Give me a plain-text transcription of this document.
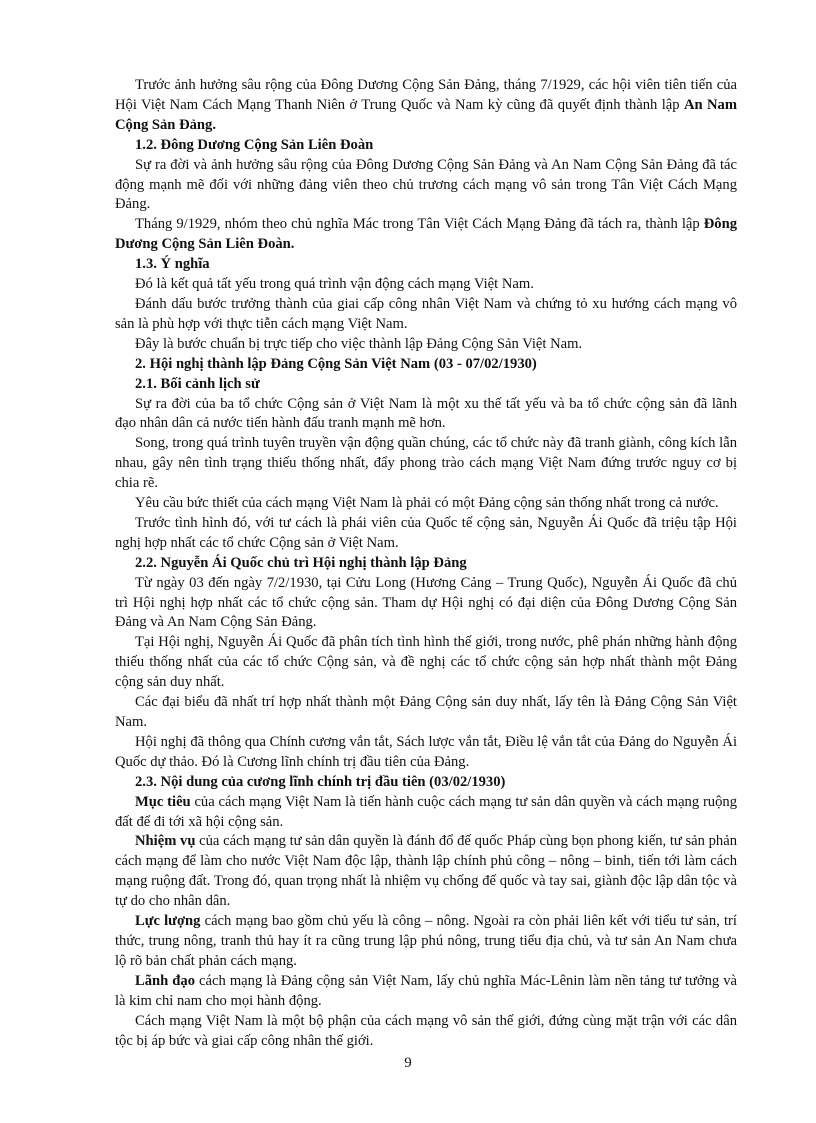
Trước ảnh hưởng sâu rộng của Đông Dương Cộng Sản Đảng, tháng 7/1929, các hội viên tiên tiến của Hội Việt Nam Cách Mạng Thanh Niên ở Trung Quốc và Nam kỳ cũng đã quyết định thành lập An Nam Cộng Sản Đảng.

1.2. Đông Dương Cộng Sản Liên Đoàn

Sự ra đời và ảnh hưởng sâu rộng của Đông Dương Cộng Sản Đảng và An Nam Cộng Sản Đảng đã tác động mạnh mẽ đối với những đảng viên theo chủ trương cách mạng vô sản trong Tân Việt Cách Mạng Đảng.

Tháng 9/1929, nhóm theo chủ nghĩa Mác trong Tân Việt Cách Mạng Đảng đã tách ra, thành lập Đông Dương Cộng Sản Liên Đoàn.

1.3. Ý nghĩa

Đó là kết quả tất yếu trong quá trình vận động cách mạng Việt Nam.

Đánh dấu bước trưởng thành của giai cấp công nhân Việt Nam và chứng tỏ xu hướng cách mạng vô sản là phù hợp với thực tiễn cách mạng Việt Nam.

Đây là bước chuẩn bị trực tiếp cho việc thành lập Đảng Cộng Sản Việt Nam.

2. Hội nghị thành lập Đảng Cộng Sản Việt Nam (03 - 07/02/1930)

2.1. Bối cảnh lịch sử

Sự ra đời của ba tổ chức Cộng sản ở Việt Nam là một xu thế tất yếu và ba tổ chức cộng sản đã lãnh đạo nhân dân cả nước tiến hành đấu tranh mạnh mẽ hơn.

Song, trong quá trình tuyên truyền vận động quần chúng, các tổ chức này đã tranh giành, công kích lẫn nhau, gây nên tình trạng thiếu thống nhất, đẩy phong trào cách mạng Việt Nam đứng trước nguy cơ bị chia rẽ.

Yêu cầu bức thiết của cách mạng Việt Nam là phải có một Đảng cộng sản thống nhất trong cả nước.

Trước tình hình đó, với tư cách là phái viên của Quốc tế cộng sản, Nguyễn Ái Quốc đã triệu tập Hội nghị hợp nhất các tổ chức Cộng sản ở Việt Nam.

2.2. Nguyễn Ái Quốc chủ trì Hội nghị thành lập Đảng

Từ ngày 03 đến ngày 7/2/1930, tại Cửu Long (Hương Cảng – Trung Quốc), Nguyễn Ái Quốc đã chủ trì Hội nghị hợp nhất các tổ chức cộng sản. Tham dự Hội nghị có đại diện của Đông Dương Cộng Sản Đảng và An Nam Cộng Sản Đảng.

Tại Hội nghị, Nguyễn Ái Quốc đã phân tích tình hình thế giới, trong nước, phê phán những hành động thiếu thống nhất của các tổ chức Cộng sản, và đề nghị các tổ chức cộng sản hợp nhất thành một Đảng cộng sản duy nhất.

Các đại biểu đã nhất trí hợp nhất thành một Đảng Cộng sản duy nhất, lấy tên là Đảng Cộng Sản Việt Nam.

Hội nghị đã thông qua Chính cương vắn tắt, Sách lược vắn tắt, Điều lệ vắn tắt của Đảng do Nguyễn Ái Quốc dự thảo. Đó là Cương lĩnh chính trị đầu tiên của Đảng.

2.3. Nội dung của cương lĩnh chính trị đầu tiên (03/02/1930)

Mục tiêu của cách mạng Việt Nam là tiến hành cuộc cách mạng tư sản dân quyền và cách mạng ruộng đất để đi tới xã hội cộng sản.

Nhiệm vụ của cách mạng tư sản dân quyền là đánh đổ đế quốc Pháp cùng bọn phong kiến, tư sản phản cách mạng để làm cho nước Việt Nam độc lập, thành lập chính phủ công – nông – binh, tiến tới làm cách mạng ruộng đất. Trong đó, quan trọng nhất là nhiệm vụ chống đế quốc và tay sai, giành độc lập dân tộc và tự do cho nhân dân.

Lực lượng cách mạng bao gồm chủ yếu là công – nông. Ngoài ra còn phải liên kết với tiểu tư sản, trí thức, trung nông, tranh thủ hay ít ra cũng trung lập phú nông, trung tiểu địa chủ, và tư sản An Nam chưa lộ rõ bản chất phản cách mạng.

Lãnh đạo cách mạng là Đảng cộng sản Việt Nam, lấy chủ nghĩa Mác-Lênin làm nền tảng tư tưởng và là kim chỉ nam cho mọi hành động.

Cách mạng Việt Nam là một bộ phận của cách mạng vô sản thế giới, đứng cùng mặt trận với các dân tộc bị áp bức và giai cấp công nhân thế giới.

9
